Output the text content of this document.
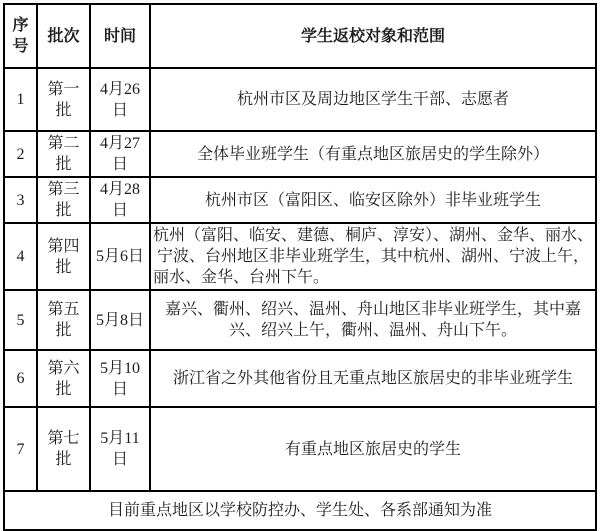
序号	批次	时间	学生返校对象和范围
1	第一批	4月26日	杭州市区及周边地区学生干部、志愿者
2	第二批	4月27日	全体毕业班学生（有重点地区旅居史的学生除外）
3	第三批	4月28日	杭州市区（富阳区、临安区除外）非毕业班学生
4	第四批	5月6日	杭州（富阳、临安、建德、桐庐、淳安）、湖州、金华、丽水、宁波、台州地区非毕业班学生，其中杭州、湖州、宁波上午，丽水、金华、台州下午。
5	第五批	5月8日	嘉兴、衢州、绍兴、温州、舟山地区非毕业班学生，其中嘉兴、绍兴上午，衢州、温州、舟山下午。
6	第六批	5月10日	浙江省之外其他省份且无重点地区旅居史的非毕业班学生
7	第七批	5月11日	有重点地区旅居史的学生
目前重点地区以学校防控办、学生处、各系部通知为准			
